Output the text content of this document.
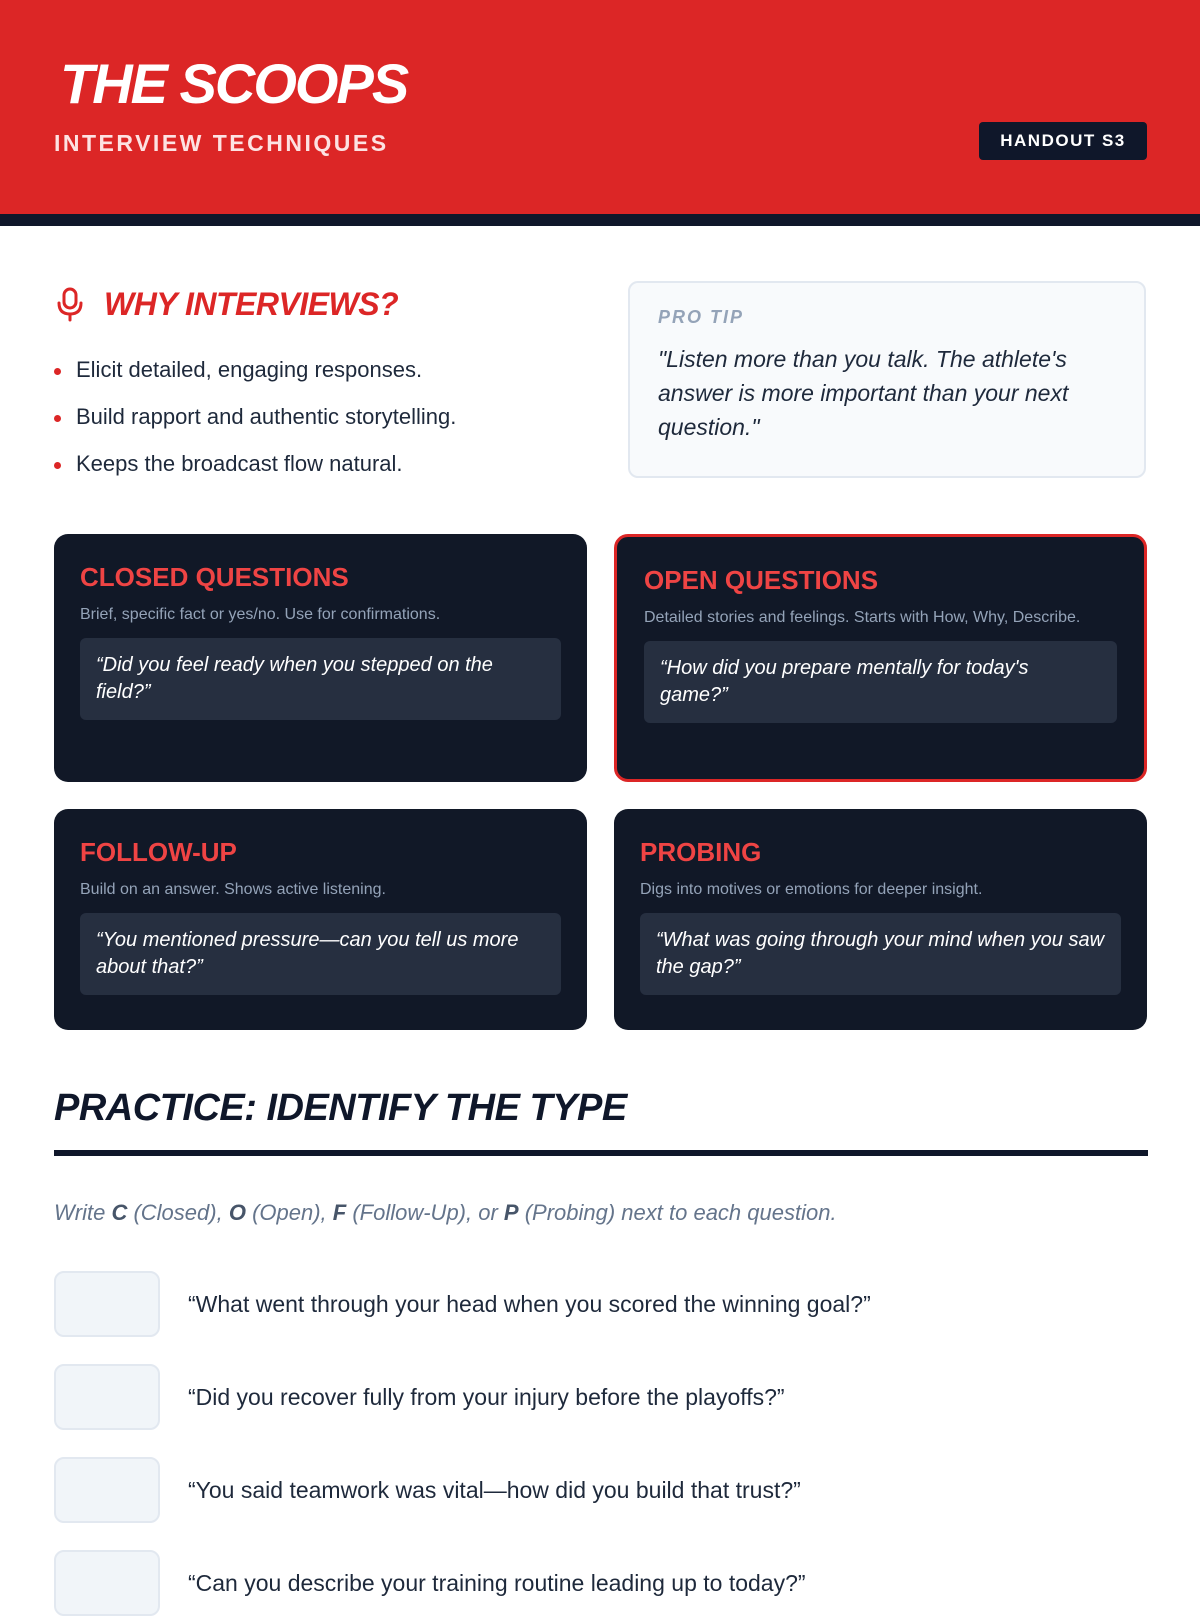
THE SCOOPS
INTERVIEW TECHNIQUES	HANDOUT S3
WHY INTERVIEWS?
Elicit detailed, engaging responses.
Build rapport and authentic storytelling.
Keeps the broadcast flow natural.
PRO TIP
"Listen more than you talk. The athlete's answer is more important than your next question."
CLOSED QUESTIONS
Brief, specific fact or yes/no. Use for confirmations.
“Did you feel ready when you stepped on the field?”
OPEN QUESTIONS
Detailed stories and feelings. Starts with How, Why, Describe.
“How did you prepare mentally for today's game?”
FOLLOW-UP
Build on an answer. Shows active listening.
“You mentioned pressure—can you tell us more about that?”
PROBING
Digs into motives or emotions for deeper insight.
“What was going through your mind when you saw the gap?”
PRACTICE: IDENTIFY THE TYPE
Write C (Closed), O (Open), F (Follow-Up), or P (Probing) next to each question.
“What went through your head when you scored the winning goal?”
“Did you recover fully from your injury before the playoffs?”
“You said teamwork was vital—how did you build that trust?”
“Can you describe your training routine leading up to today?”
